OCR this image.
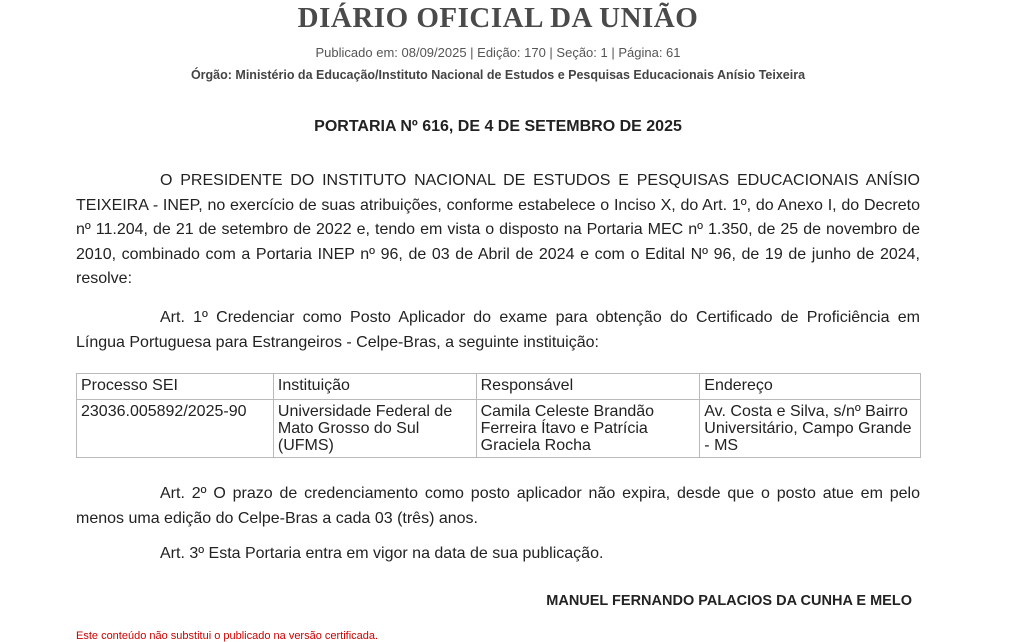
DIÁRIO OFICIAL DA UNIÃO
Publicado em: 08/09/2025 | Edição: 170 | Seção: 1 | Página: 61
Órgão: Ministério da Educação/Instituto Nacional de Estudos e Pesquisas Educacionais Anísio Teixeira
PORTARIA Nº 616, DE 4 DE SETEMBRO DE 2025

O PRESIDENTE DO INSTITUTO NACIONAL DE ESTUDOS E PESQUISAS EDUCACIONAIS ANÍSIO TEIXEIRA - INEP, no exercício de suas atribuições, conforme estabelece o Inciso X, do Art. 1º, do Anexo I, do Decreto nº 11.204, de 21 de setembro de 2022 e, tendo em vista o disposto na Portaria MEC nº 1.350, de 25 de novembro de 2010, combinado com a Portaria INEP nº 96, de 03 de Abril de 2024 e com o Edital Nº 96, de 19 de junho de 2024, resolve:

Art. 1º Credenciar como Posto Aplicador do exame para obtenção do Certificado de Proficiência em Língua Portuguesa para Estrangeiros - Celpe-Bras, a seguinte instituição:

Processo SEI	Instituição	Responsável	Endereço
23036.005892/2025-90	Universidade Federal de Mato Grosso do Sul (UFMS)	Camila Celeste Brandão Ferreira Ítavo e Patrícia Graciela Rocha	Av. Costa e Silva, s/nº Bairro Universitário, Campo Grande - MS

Art. 2º O prazo de credenciamento como posto aplicador não expira, desde que o posto atue em pelo menos uma edição do Celpe-Bras a cada 03 (três) anos.

Art. 3º Esta Portaria entra em vigor na data de sua publicação.

MANUEL FERNANDO PALACIOS DA CUNHA E MELO
Este conteúdo não substitui o publicado na versão certificada.
